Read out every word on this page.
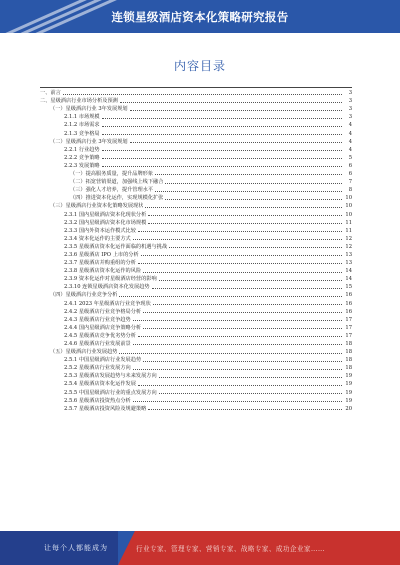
连锁星级酒店资本化策略研究报告
内容目录
一、前言	3
二、星级酒店行业市场分析及预测	3
（一）星级酒店行业 3年发展规划	3
2.1.1 市场规模	3
2.1.2 市场需求	4
2.1.3 竞争格局	4
（二）星级酒店行业 3年发展规划	4
2.2.1 行业趋势	4
2.2.2 竞争策略	5
2.2.3 发展策略	6
（一）提高服务质量，提升品牌形象	6
（二）拓宽营销渠道，加强线上线下融合	7
（三）强化人才培养，提升管理水平	8
（四）推进资本化运作，实现规模化扩张	10
（三）星级酒店行业资本化策略发展现状	10
2.3.1 国内星级酒店资本化现状分析	10
2.3.2 国内星级酒店资本化市场规模	11
2.3.3 国内外资本运作模式比较	11
2.3.4 资本化运作的主要方式	12
2.3.5 星级酒店资本化运作面临的机遇与挑战	12
2.3.6 星级酒店 IPO 上市的分析	13
2.3.7 星级酒店并购重组的分析	13
2.3.8 星级酒店资本化运作的风险	14
2.3.9 资本化运作对星级酒店经营的影响	14
2.3.10 连锁星级酒店资本化发展趋势	15
（四）星级酒店行业竞争分析	16
2.4.1 2023 年星级酒店行业竞争现状	16
2.4.2 星级酒店行业竞争格局分析	16
2.4.3 星级酒店行业竞争趋势	17
2.4.4 国内星级酒店竞争策略分析	17
2.4.5 星级酒店竞争优劣势分析	17
2.4.6 星级酒店行业发展前景	18
（五）星级酒店行业发展趋势	18
2.5.1 中国星级酒店行业发展趋势	18
2.5.2 星级酒店行业发展方向	18
2.5.3 星级酒店发展趋势与未来发展方向	19
2.5.4 星级酒店资本化运作发展	19
2.5.5 中国星级酒店行业的重点发展方向	19
2.5.6 星级酒店投资热点分析	19
2.5.7 星级酒店投资风险及规避策略	20
让每个人都能成为	行业专家、管理专家、营销专家、战略专家、成功企业家……
